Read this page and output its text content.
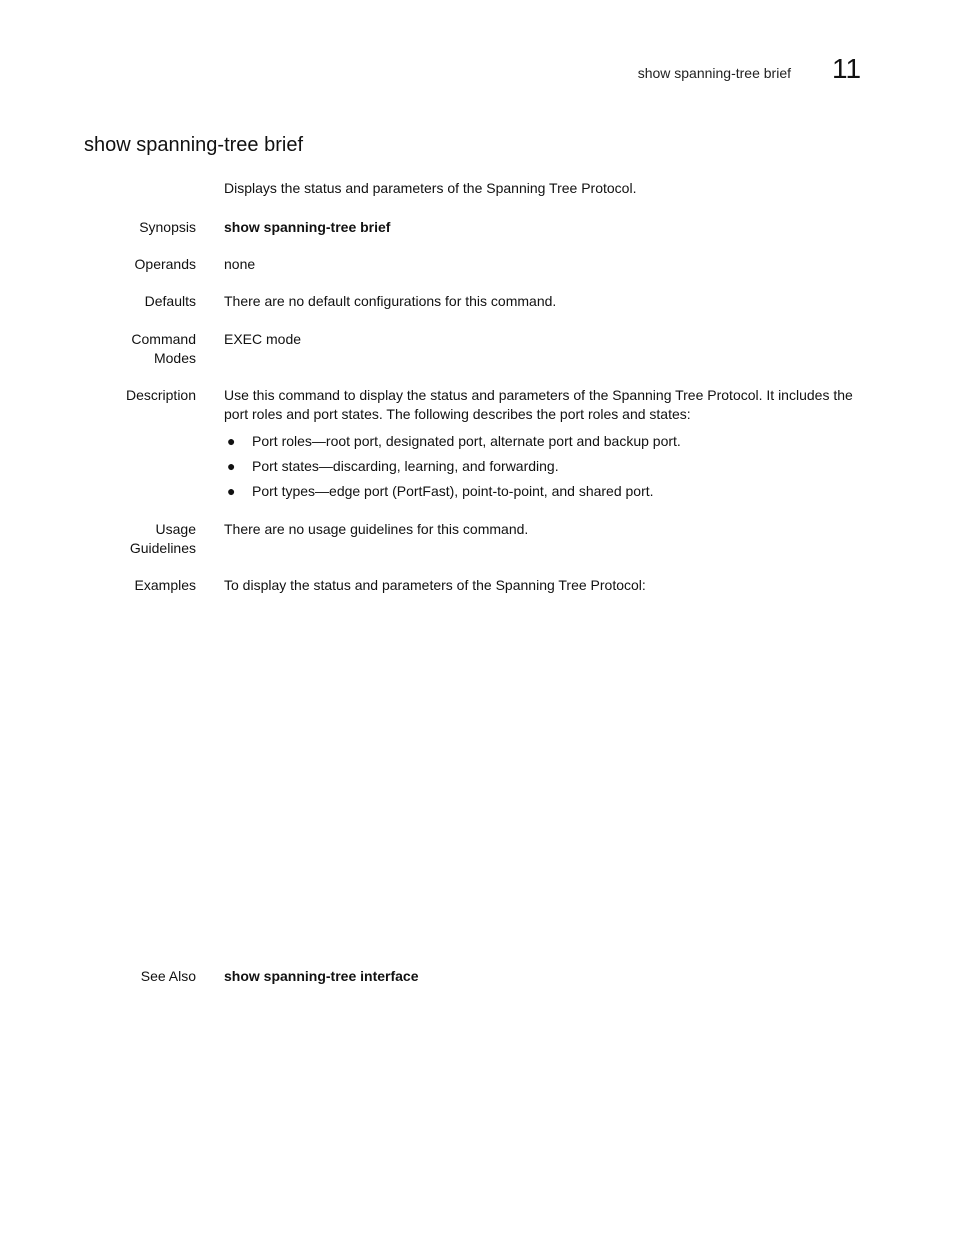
show spanning-tree brief 11
show spanning-tree brief

Displays the status and parameters of the Spanning Tree Protocol.

Synopsis show spanning-tree brief

Operands none

Defaults There are no default configurations for this command.

Command
Modes

EXEC mode

Description Use this command to display the status and parameters of the Spanning Tree Protocol. It includes the port roles and port states. The following describes the port roles and states:

● Port roles—root port, designated port, alternate port and backup port.
● Port states—discarding, learning, and forwarding.
● Port types—edge port (PortFast), point-to-point, and shared port.

Usage
Guidelines

There are no usage guidelines for this command.

Examples To display the status and parameters of the Spanning Tree Protocol:

See Also show spanning-tree interface
